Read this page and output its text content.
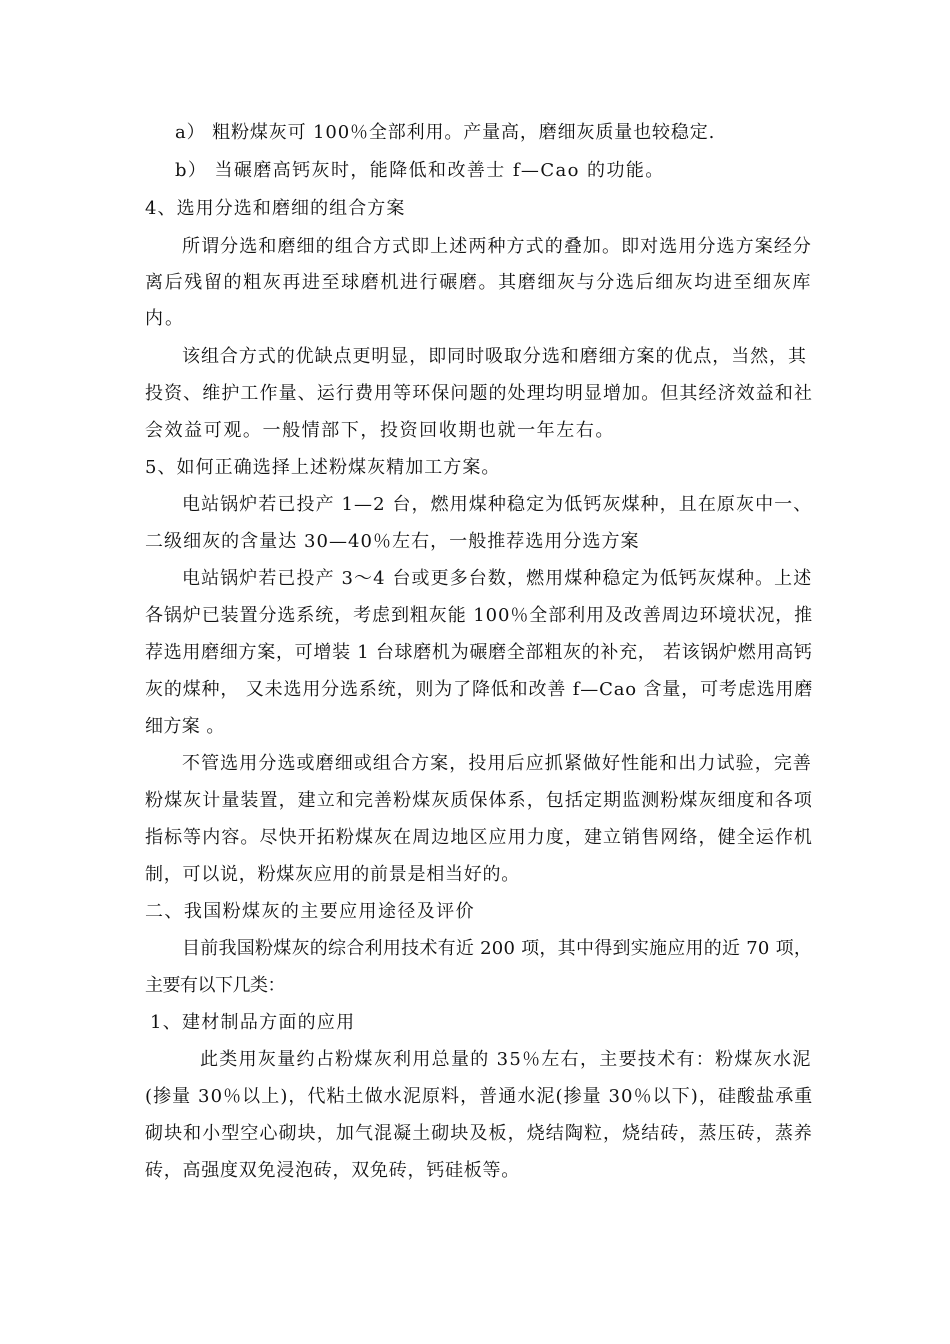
a） 粗粉煤灰可 100％全部利用。产量高，磨细灰质量也较稳定.
b） 当碾磨高钙灰时，能降低和改善士 f—Cao 的功能。
4、选用分选和磨细的组合方案
所谓分选和磨细的组合方式即上述两种方式的叠加。即对选用分选方案经分
离后残留的粗灰再进至球磨机进行碾磨。其磨细灰与分选后细灰均进至细灰库
内。
该组合方式的优缺点更明显，即同时吸取分选和磨细方案的优点，当然，其
投资、维护工作量、运行费用等环保问题的处理均明显增加。但其经济效益和社
会效益可观。一般情部下，投资回收期也就一年左右。
5、如何正确选择上述粉煤灰精加工方案。
电站锅炉若已投产 1—2 台，燃用煤种稳定为低钙灰煤种，且在原灰中一、
二级细灰的含量达 30—40％左右，一般推荐选用分选方案
电站锅炉若已投产 3～4 台或更多台数，燃用煤种稳定为低钙灰煤种。上述
各锅炉已装置分选系统，考虑到粗灰能 100％全部利用及改善周边环境状况，推
荐选用磨细方案，可增装 1 台球磨机为碾磨全部粗灰的补充， 若该锅炉燃用高钙
灰的煤种， 又未选用分选系统，则为了降低和改善 f—Cao 含量，可考虑选用磨
细方案 。
不管选用分选或磨细或组合方案，投用后应抓紧做好性能和出力试验，完善
粉煤灰计量装置，建立和完善粉煤灰质保体系，包括定期监测粉煤灰细度和各项
指标等内容。尽快开拓粉煤灰在周边地区应用力度，建立销售网络，健全运作机
制，可以说，粉煤灰应用的前景是相当好的。
二、我国粉煤灰的主要应用途径及评价
目前我国粉煤灰的综合利用技术有近 200 项，其中得到实施应用的近 70 项，
主要有以下几类：
1、建材制品方面的应用
此类用灰量约占粉煤灰利用总量的 35％左右，主要技术有：粉煤灰水泥
(掺量 30％以上)，代粘土做水泥原料，普通水泥(掺量 30％以下)，硅酸盐承重
砌块和小型空心砌块，加气混凝土砌块及板，烧结陶粒，烧结砖，蒸压砖，蒸养
砖，高强度双免浸泡砖，双免砖，钙硅板等。
